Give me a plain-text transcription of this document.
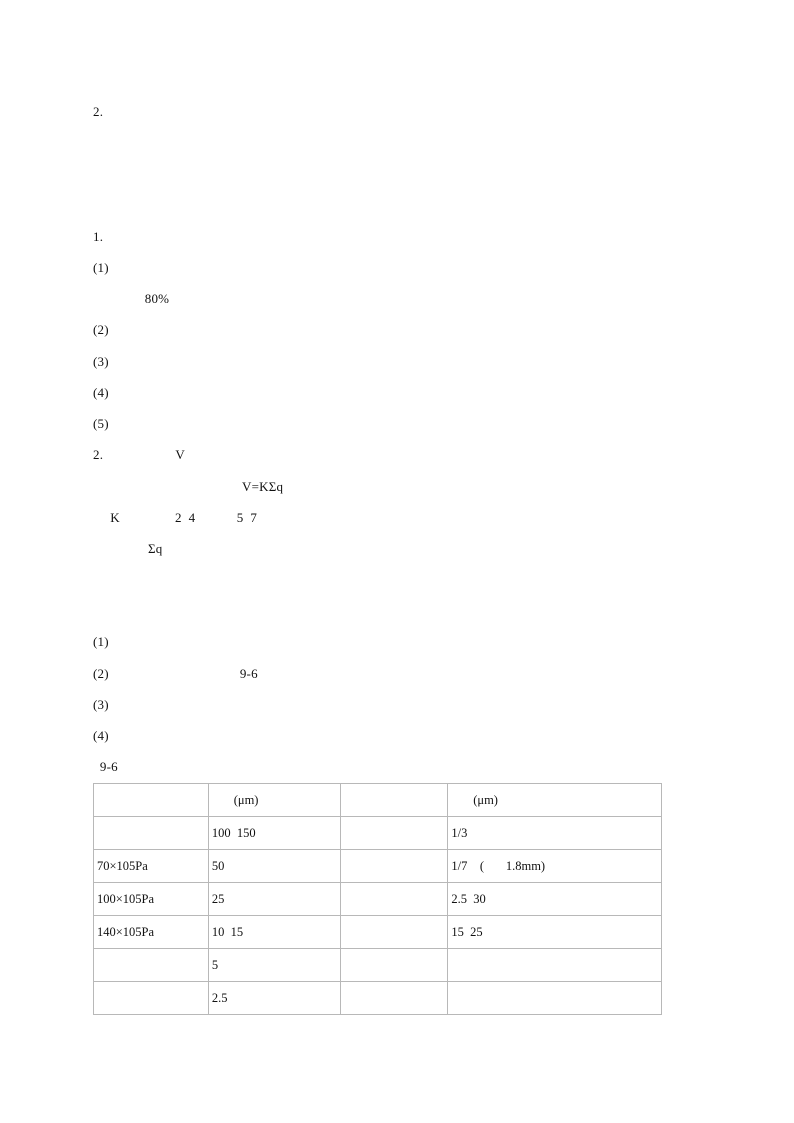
2.

1.
(1)
80%
(2)
(3)
(4)
(5)
2.                     V
V=KΣq
K                2  4            5  7
Σq

(1)
(2)                                      9-6
(3)
(4)
9-6
	(μm)		(μm)
	100  150		1/3
70×105Pa	50		1/7    (       1.8mm)
100×105Pa	25		2.5  30
140×105Pa	10  15		15  25
	5		
	2.5		
